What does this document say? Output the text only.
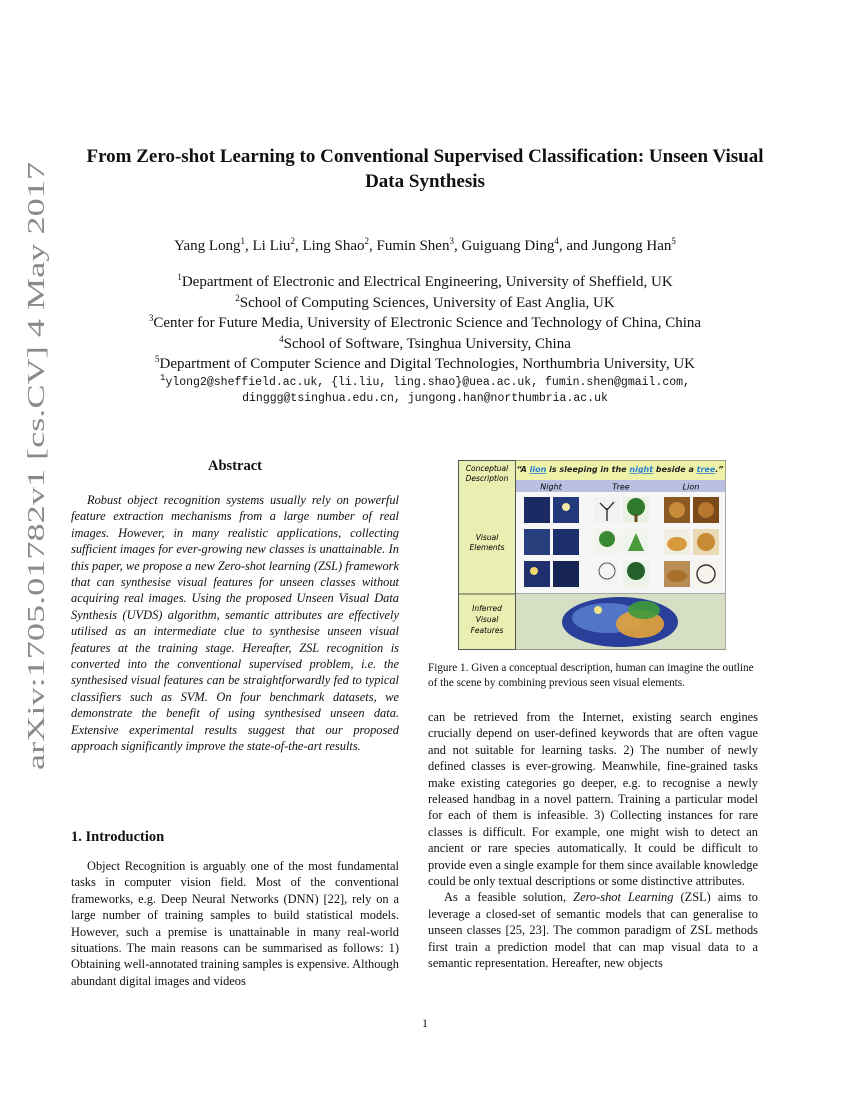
arXiv:1705.01782v1 [cs.CV] 4 May 2017
From Zero-shot Learning to Conventional Supervised Classification: Unseen Visual Data Synthesis
Yang Long$^1$, Li Liu$^2$, Ling Shao$^2$, Fumin Shen$^3$, Guiguang Ding$^4$, and Jungong Han$^5$
$^1$Department of Electronic and Electrical Engineering, University of Sheffield, UK
$^2$School of Computing Sciences, University of East Anglia, UK
$^3$Center for Future Media, University of Electronic Science and Technology of China, China
$^4$School of Software, Tsinghua University, China
$^5$Department of Computer Science and Digital Technologies, Northumbria University, UK
$^1$ylong2@sheffield.ac.uk, {li.liu, ling.shao}@uea.ac.uk, fumin.shen@gmail.com,
dinggg@tsinghua.edu.cn, jungong.han@northumbria.ac.uk
Abstract

Robust object recognition systems usually rely on powerful feature extraction mechanisms from a large number of real images. However, in many realistic applications, collecting sufficient images for ever-growing new classes is unattainable. In this paper, we propose a new Zero-shot learning (ZSL) framework that can synthesise visual features for unseen classes without acquiring real images. Using the proposed Unseen Visual Data Synthesis (UVDS) algorithm, semantic attributes are effectively utilised as an intermediate clue to synthesise unseen visual features at the training stage. Hereafter, ZSL recognition is converted into the conventional supervised problem, i.e. the synthesised visual features can be straightforwardly fed to typical classifiers such as SVM. On four benchmark datasets, we demonstrate the benefit of using synthesised unseen data. Extensive experimental results suggest that our proposed approach significantly improve the state-of-the-art results.

1. Introduction

Object Recognition is arguably one of the most fundamental tasks in computer vision field. Most of the conventional frameworks, e.g. Deep Neural Networks (DNN) [22], rely on a large number of training samples to build statistical models. However, such a premise is unattainable in many real-world situations. The main reasons can be summarised as follows: 1) Obtaining well-annotated training samples is expensive. Although abundant digital images and videos

Conceptual
Description
“A lion is sleeping in the night beside a tree.”
Night	Tree	Lion
Visual
Elements
Inferred
Visual
Features
Figure 1. Given a conceptual description, human can imagine the outline of the scene by combining previous seen visual elements.

can be retrieved from the Internet, existing search engines crucially depend on user-defined keywords that are often vague and not suitable for learning tasks. 2) The number of newly defined classes is ever-growing. Meanwhile, fine-grained tasks make existing categories go deeper, e.g. to recognise a newly released handbag in a novel pattern. Training a particular model for each of them is infeasible. 3) Collecting instances for rare classes is difficult. For example, one might wish to detect an ancient or rare species automatically. It could be difficult to provide even a single example for them since available knowledge could be only textual descriptions or some distinctive attributes.

As a feasible solution, Zero-shot Learning (ZSL) aims to leverage a closed-set of semantic models that can generalise to unseen classes [25, 23]. The common paradigm of ZSL methods first train a prediction model that can map visual data to a semantic representation. Hereafter, new objects

1
